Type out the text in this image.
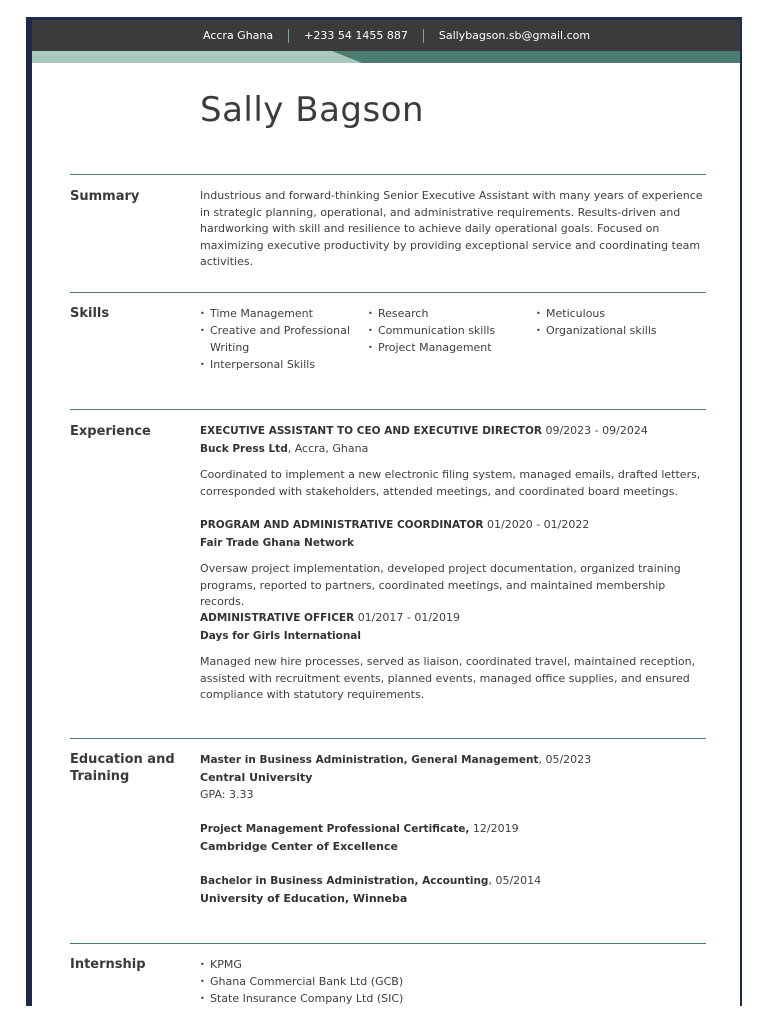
Accra Ghana	+233 54 1455 887	Sallybagson.sb@gmail.com
Sally Bagson
Summary	Industrious and forward-thinking Senior Executive Assistant with many years of experience in strategic planning, operational, and administrative requirements. Results-driven and hardworking with skill and resilience to achieve daily operational goals. Focused on maximizing executive productivity by providing exceptional service and coordinating team activities.
Skills	• Time Management
• Creative and Professional Writing
• Interpersonal Skills
• Research
• Communication skills
• Project Management
• Meticulous
• Organizational skills
Experience	EXECUTIVE ASSISTANT TO CEO AND EXECUTIVE DIRECTOR 09/2023 - 09/2024
Buck Press Ltd, Accra, Ghana
Coordinated to implement a new electronic filing system, managed emails, drafted letters, corresponded with stakeholders, attended meetings, and coordinated board meetings.
PROGRAM AND ADMINISTRATIVE COORDINATOR 01/2020 - 01/2022
Fair Trade Ghana Network
Oversaw project implementation, developed project documentation, organized training programs, reported to partners, coordinated meetings, and maintained membership records.
ADMINISTRATIVE OFFICER 01/2017 - 01/2019
Days for Girls International
Managed new hire processes, served as liaison, coordinated travel, maintained reception, assisted with recruitment events, planned events, managed office supplies, and ensured compliance with statutory requirements.
Education and
Training
Master in Business Administration, General Management, 05/2023
Central University
GPA: 3.33
Project Management Professional Certificate, 12/2019
Cambridge Center of Excellence
Bachelor in Business Administration, Accounting, 05/2014
University of Education, Winneba
Internship	• KPMG
• Ghana Commercial Bank Ltd (GCB)
• State Insurance Company Ltd (SIC)
